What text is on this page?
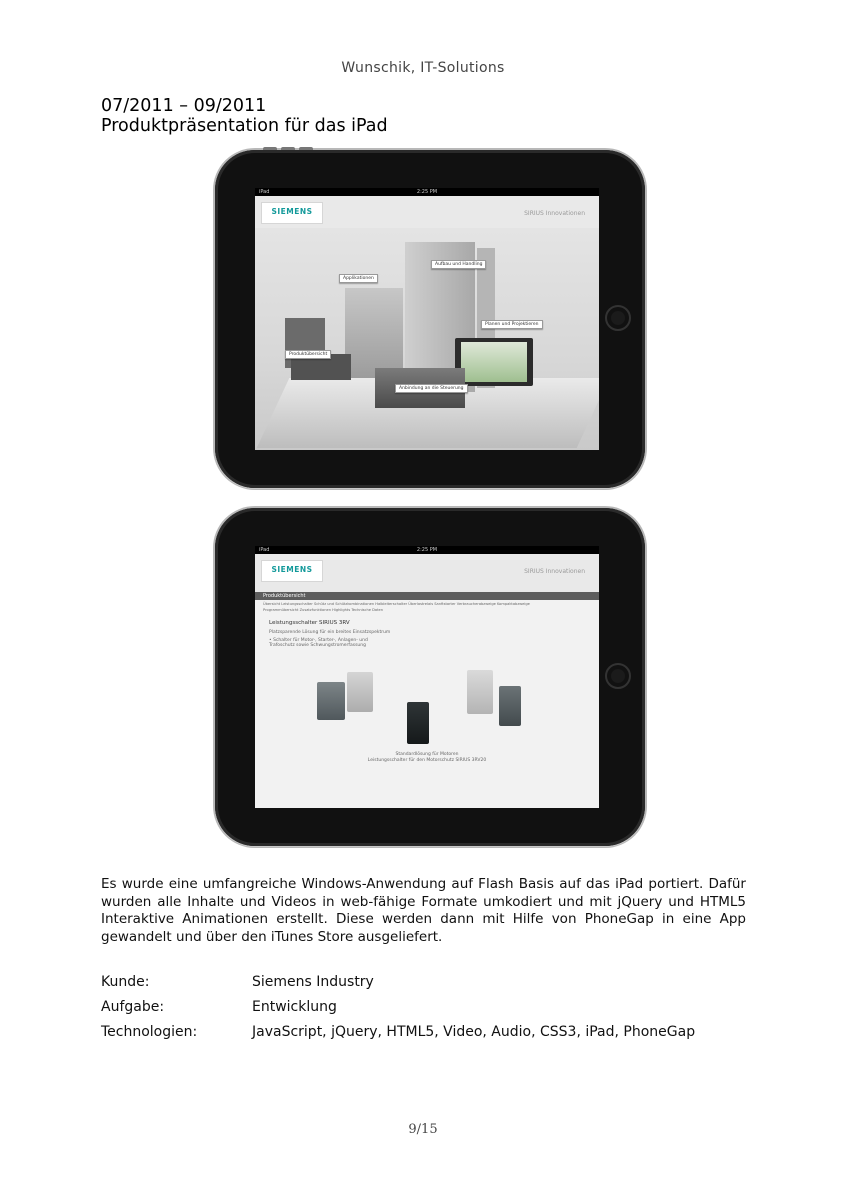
Wunschik, IT-Solutions
07/2011 – 09/2011
Produktpräsentation für das iPad
iPad	2:25 PM
SIEMENS	SIRIUS Innovationen
Applikationen
Aufbau und Handling
Planen und Projektieren
Produktübersicht
Anbindung an die Steuerung
iPad	2:25 PM
SIEMENS	SIRIUS Innovationen
Produktübersicht
Übersicht Leistungsschalter Schütz und Schützkombinationen Halbleiterschalter Überlastrelais Sanftstarter Verbraucherabzweige Kompaktabzweige
Programmübersicht Zusatzfunktionen Highlights Technische Daten
Leistungsschalter SIRIUS 3RV
Platzsparende Lösung für ein breites Einsatzspektrum
• Schalter für Motor-, Starter-, Anlagen- und Trafoschutz sowie Schwungstromerfassung
Standardlösung für Motoren
Leistungsschalter für den Motorschutz SIRIUS 3RV20
Es wurde eine umfangreiche Windows-Anwendung auf Flash Basis auf das iPad portiert. Dafür wurden alle Inhalte und Videos in web-fähige Formate umkodiert und mit jQuery und HTML5 Interaktive Animationen erstellt. Diese werden dann mit Hilfe von PhoneGap in eine App gewandelt und über den iTunes Store ausgeliefert.
Kunde:	Siemens Industry
Aufgabe:	Entwicklung
Technologien:	JavaScript, jQuery, HTML5, Video, Audio, CSS3, iPad, PhoneGap
9/15
